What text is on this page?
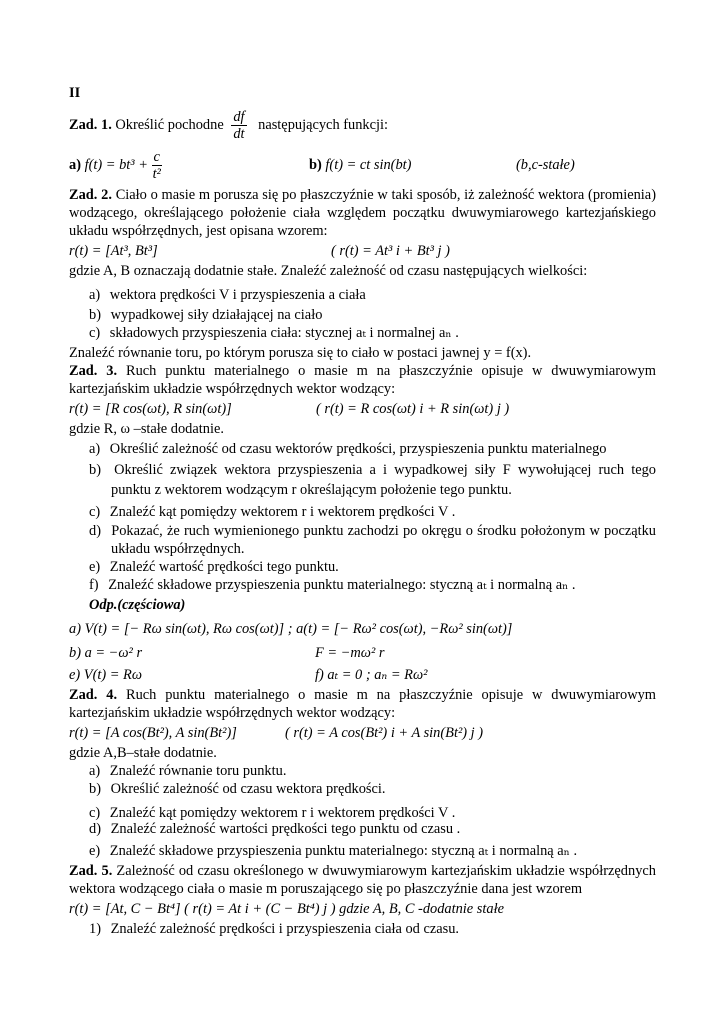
II
Zad. 1. Określić pochodne $\frac{df}{dt}$ następujących funkcji:
a) $f(t) = bt^3 + \frac{c}{\text{t²}}$	b) f(t) = ct sin(bt)	(b,c-stałe)
Zad. 2. Ciało o masie m porusza się po płaszczyźnie w taki sposób, iż zależność wektora (promienia) wodzącego, określającego położenie ciała względem początku dwuwymiarowego kartezjańskiego układu współrzędnych, jest opisana wzorem:
r(t) = [At³, Bt³]	( r(t) = At³ i + Bt³ j )
gdzie A, B oznaczają dodatnie stałe. Znaleźć zależność od czasu następujących wielkości:
a) wektora prędkości V i przyspieszenia a ciała
b) wypadkowej siły działającej na ciało
c) składowych przyspieszenia ciała: stycznej aₜ i normalnej aₙ .
Znaleźć równanie toru, po którym porusza się to ciało w postaci jawnej y = f(x).
Zad. 3. Ruch punktu materialnego o masie m na płaszczyźnie opisuje w dwuwymiarowym kartezjańskim układzie współrzędnych wektor wodzący:
r(t) = [R cos(ωt), R sin(ωt)]	( r(t) = R cos(ωt) i + R sin(ωt) j )
gdzie R, ω –stałe dodatnie.
a) Określić zależność od czasu wektorów prędkości, przyspieszenia punktu materialnego
b) Określić związek wektora przyspieszenia a i wypadkowej siły F wywołującej ruch tego punktu z wektorem wodzącym r określającym położenie tego punktu.
c) Znaleźć kąt pomiędzy wektorem r i wektorem prędkości V .
d) Pokazać, że ruch wymienionego punktu zachodzi po okręgu o środku położonym w początku układu współrzędnych.
e) Znaleźć wartość prędkości tego punktu.
f) Znaleźć składowe przyspieszenia punktu materialnego: styczną aₜ i normalną aₙ .
Odp.(częściowa)
a) V(t) = [− Rω sin(ωt), Rω cos(ωt)] ; a(t) = [− Rω² cos(ωt), −Rω² sin(ωt)]
b) a = −ω² r	F = −mω² r
e) V(t) = Rω	f) aₜ = 0 ; aₙ = Rω²
Zad. 4. Ruch punktu materialnego o masie m na płaszczyźnie opisuje w dwuwymiarowym kartezjańskim układzie współrzędnych wektor wodzący:
r(t) = [A cos(Bt²), A sin(Bt²)]	( r(t) = A cos(Bt²) i + A sin(Bt²) j )
gdzie A,B–stałe dodatnie.
a) Znaleźć równanie toru punktu.
b) Określić zależność od czasu wektora prędkości.
c) Znaleźć kąt pomiędzy wektorem r i wektorem prędkości V .
d) Znaleźć zależność wartości prędkości tego punktu od czasu .
e) Znaleźć składowe przyspieszenia punktu materialnego: styczną aₜ i normalną aₙ .
Zad. 5. Zależność od czasu określonego w dwuwymiarowym kartezjańskim układzie współrzędnych wektora wodzącego ciała o masie m poruszającego się po płaszczyźnie dana jest wzorem
r(t) = [At, C − Bt⁴] ( r(t) = At i + (C − Bt⁴) j ) gdzie A, B, C -dodatnie stałe
1) Znaleźć zależność prędkości i przyspieszenia ciała od czasu.
